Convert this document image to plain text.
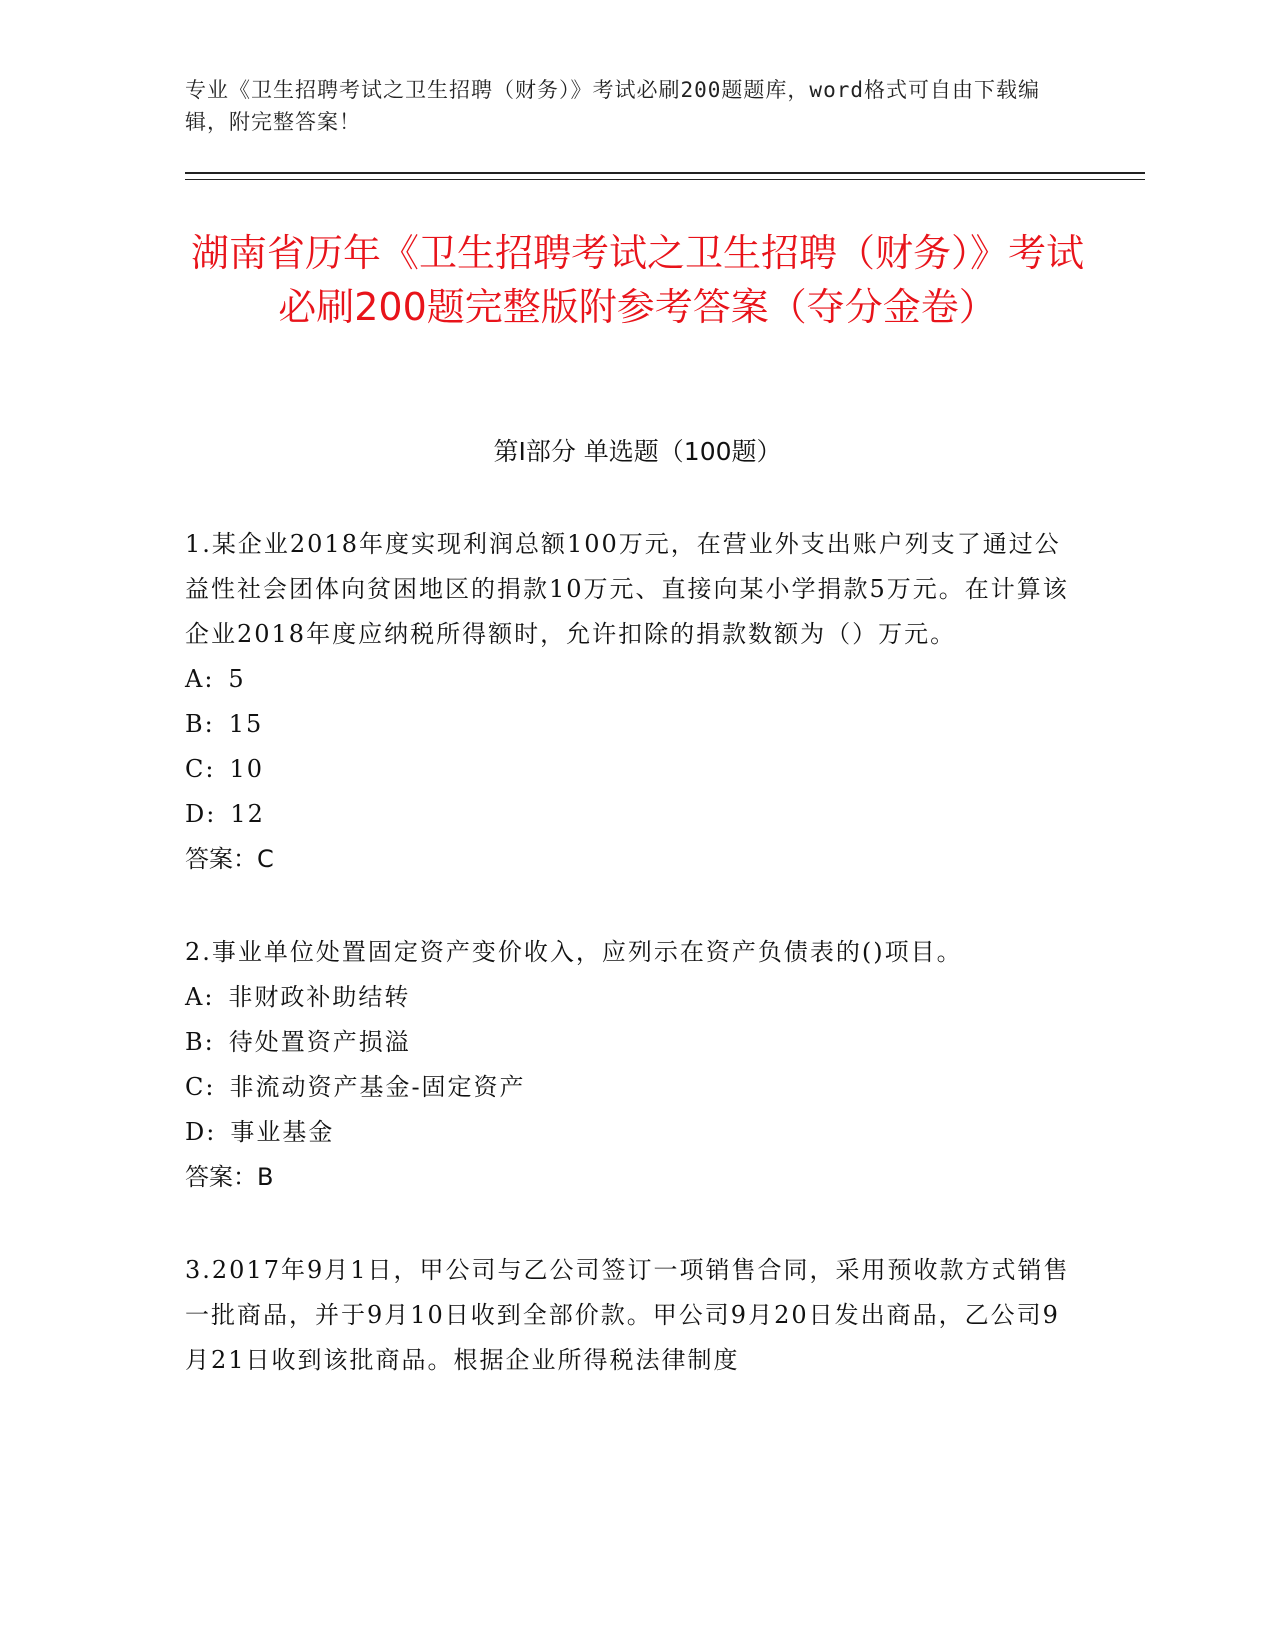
专业《卫生招聘考试之卫生招聘（财务）》考试必刷200题题库，word格式可自由下载编辑，附完整答案！
湖南省历年《卫生招聘考试之卫生招聘（财务）》考试必刷200题完整版附参考答案（夺分金卷）
第Ⅰ部分 单选题（100题）

1.某企业2018年度实现利润总额100万元，在营业外支出账户列支了通过公益性社会团体向贫困地区的捐款10万元、直接向某小学捐款5万元。在计算该企业2018年度应纳税所得额时，允许扣除的捐款数额为（）万元。

A: 5
B: 15
C: 10
D: 12
答案：C

2.事业单位处置固定资产变价收入，应列示在资产负债表的()项目。

A: 非财政补助结转
B: 待处置资产损溢
C: 非流动资产基金-固定资产
D: 事业基金
答案：B

3.2017年9月1日，甲公司与乙公司签订一项销售合同，采用预收款方式销售一批商品，并于9月10日收到全部价款。甲公司9月20日发出商品，乙公司9月21日收到该批商品。根据企业所得税法律制度
